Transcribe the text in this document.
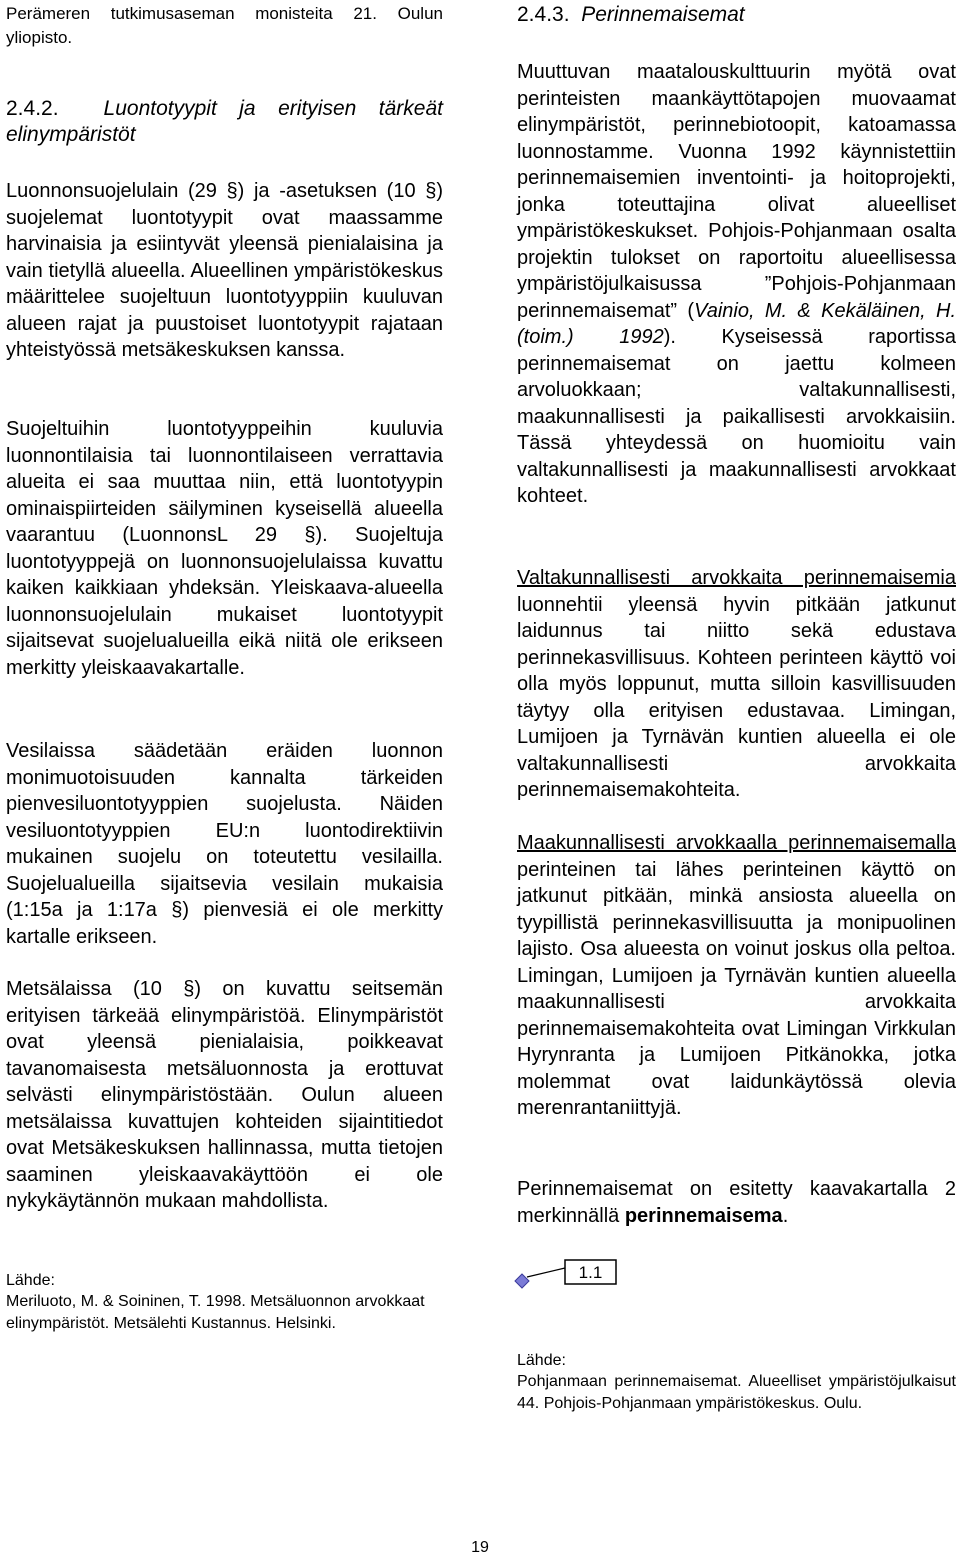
Perämeren tutkimusaseman monisteita 21. Oulun yliopisto.
2.4.2. Luontotyypit ja erityisen tärkeät elinympäristöt

Luonnonsuojelulain (29 §) ja -asetuksen (10 §) suojelemat luontotyypit ovat maassamme harvinaisia ja esiintyvät yleensä pienialaisina ja vain tietyllä alueella. Alueellinen ympäristökeskus määrittelee suojeltuun luontotyyppiin kuuluvan alueen rajat ja puustoiset luontotyypit rajataan yhteistyössä metsäkeskuksen kanssa.

Suojeltuihin luontotyyppeihin kuuluvia luonnontilaisia tai luonnontilaiseen verrattavia alueita ei saa muuttaa niin, että luontotyypin ominaispiirteiden säilyminen kyseisellä alueella vaarantuu (LuonnonsL 29 §). Suojeltuja luontotyyppejä on luonnonsuojelulaissa kuvattu kaiken kaikkiaan yhdeksän. Yleiskaava-alueella luonnonsuojelulain mukaiset luontotyypit sijaitsevat suojelualueilla eikä niitä ole erikseen merkitty yleiskaavakartalle.

Vesilaissa säädetään eräiden luonnon monimuotoisuuden kannalta tärkeiden pienvesiluontotyyppien suojelusta. Näiden vesiluontotyyppien EU:n luontodirektiivin mukainen suojelu on toteutettu vesilailla. Suojelualueilla sijaitsevia vesilain mukaisia (1:15a ja 1:17a §) pienvesiä ei ole merkitty kartalle erikseen.

Metsälaissa (10 §) on kuvattu seitsemän erityisen tärkeää elinympäristöä. Elinympäristöt ovat yleensä pienialaisia, poikkeavat tavanomaisesta metsäluonnosta ja erottuvat selvästi elinympäristöstään. Oulun alueen metsälaissa kuvattujen kohteiden sijaintitiedot ovat Metsäkeskuksen hallinnassa, mutta tietojen saaminen yleiskaavakäyttöön ei ole nykykäytännön mukaan mahdollista.

Lähde:

Meriluoto, M. & Soininen, T. 1998. Metsäluonnon arvokkaat elinympäristöt. Metsälehti Kustannus. Helsinki.

2.4.3. Perinnemaisemat

Muuttuvan maatalouskulttuurin myötä ovat perinteisten maankäyttötapojen muovaamat elinympäristöt, perinnebiotoopit, katoamassa luonnostamme. Vuonna 1992 käynnistettiin perinnemaisemien inventointi- ja hoitoprojekti, jonka toteuttajina olivat alueelliset ympäristökeskukset. Pohjois-Pohjanmaan osalta projektin tulokset on raportoitu alueellisessa ympäristöjulkaisussa ”Pohjois-Pohjanmaan perinnemaisemat” (Vainio, M. & Kekäläinen, H. (toim.) 1992). Kyseisessä raportissa perinnemaisemat on jaettu kolmeen arvoluokkaan; valtakunnallisesti, maakunnallisesti ja paikallisesti arvokkaisiin. Tässä yhteydessä on huomioitu vain valtakunnallisesti ja maakunnallisesti arvokkaat kohteet.

Valtakunnallisesti arvokkaita perinnemaisemia luonnehtii yleensä hyvin pitkään jatkunut laidunnus tai niitto sekä edustava perinnekasvillisuus. Kohteen perinteen käyttö voi olla myös loppunut, mutta silloin kasvillisuuden täytyy olla erityisen edustavaa. Limingan, Lumijoen ja Tyrnävän kuntien alueella ei ole valtakunnallisesti arvokkaita perinnemaisemakohteita.

Maakunnallisesti arvokkaalla perinnemaisemalla perinteinen tai lähes perinteinen käyttö on jatkunut pitkään, minkä ansiosta alueella on tyypillistä perinnekasvillisuutta ja monipuolinen lajisto. Osa alueesta on voinut joskus olla peltoa. Limingan, Lumijoen ja Tyrnävän kuntien alueella maakunnallisesti arvokkaita perinnemaisemakohteita ovat Limingan Virkkulan Hyrynranta ja Lumijoen Pitkänokka, jotka molemmat ovat laidunkäytössä olevia merenrantaniittyjä.

Perinnemaisemat on esitetty kaavakartalla 2 merkinnällä perinnemaisema.

1.1

Lähde:

Pohjanmaan perinnemaisemat. Alueelliset ympäristöjulkaisut 44. Pohjois-Pohjanmaan ympäristökeskus. Oulu.

19
